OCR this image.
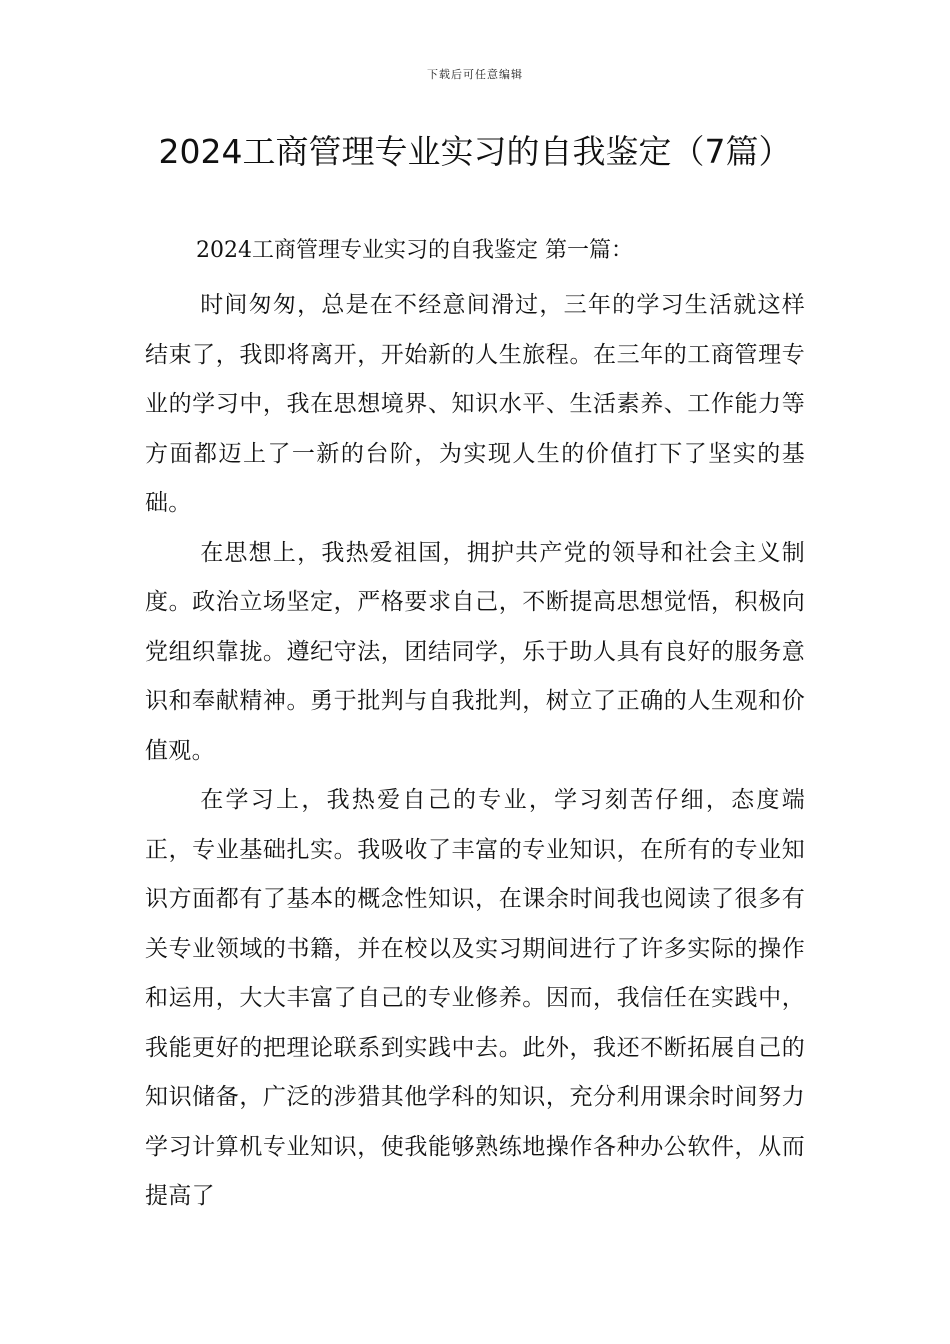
下载后可任意编辑
2024工商管理专业实习的自我鉴定（7篇）
2024工商管理专业实习的自我鉴定 第一篇：

时间匆匆，总是在不经意间滑过，三年的学习生活就这样结束了，我即将离开，开始新的人生旅程。在三年的工商管理专业的学习中，我在思想境界、知识水平、生活素养、工作能力等方面都迈上了一新的台阶，为实现人生的价值打下了坚实的基础。

在思想上，我热爱祖国，拥护共产党的领导和社会主义制度。政治立场坚定，严格要求自己，不断提高思想觉悟，积极向党组织靠拢。遵纪守法，团结同学，乐于助人具有良好的服务意识和奉献精神。勇于批判与自我批判，树立了正确的人生观和价值观。

在学习上，我热爱自己的专业，学习刻苦仔细，态度端正，专业基础扎实。我吸收了丰富的专业知识，在所有的专业知识方面都有了基本的概念性知识，在课余时间我也阅读了很多有关专业领域的书籍，并在校以及实习期间进行了许多实际的操作和运用，大大丰富了自己的专业修养。因而，我信任在实践中，我能更好的把理论联系到实践中去。此外，我还不断拓展自己的知识储备，广泛的涉猎其他学科的知识，充分利用课余时间努力学习计算机专业知识，使我能够熟练地操作各种办公软件，从而提高了
